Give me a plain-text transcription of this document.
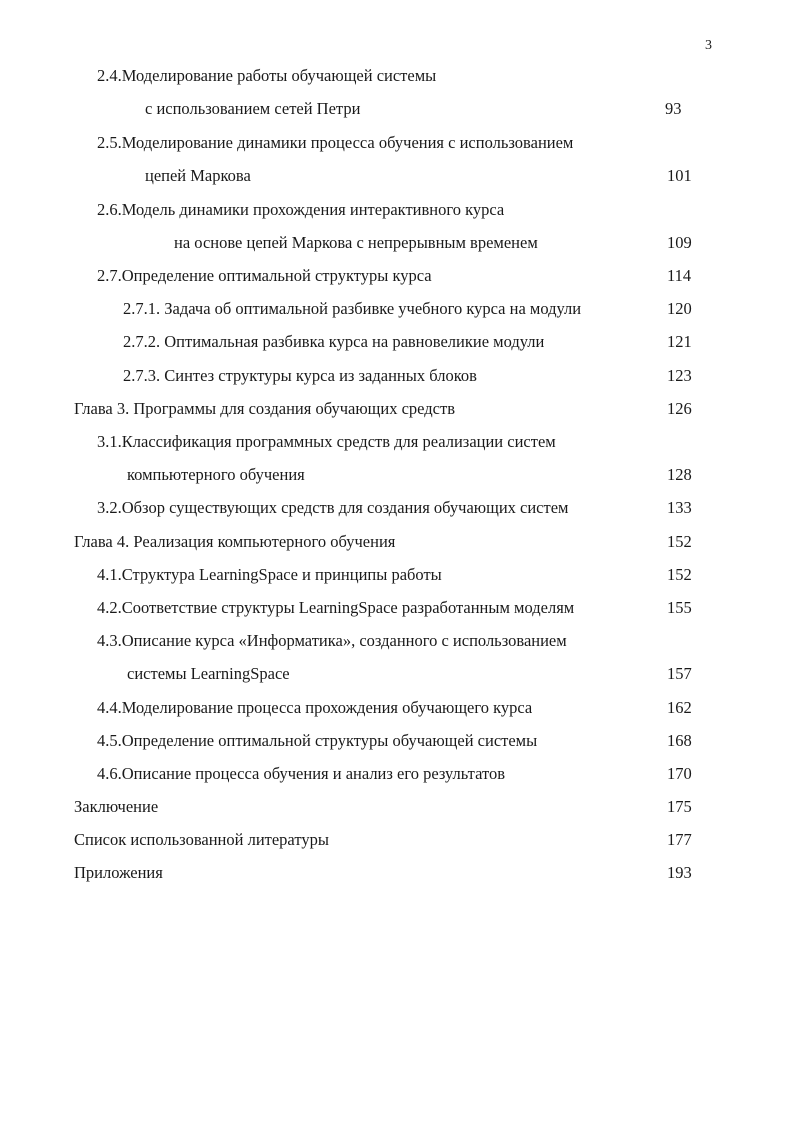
3
2.4.Моделирование работы обучающей системы
с использованием сетей Петри	93
2.5.Моделирование динамики процесса обучения с использованием
цепей Маркова	101
2.6.Модель динамики прохождения интерактивного курса
на основе цепей Маркова с непрерывным временем	109
2.7.Определение оптимальной структуры курса	114
2.7.1. Задача об оптимальной разбивке учебного курса на модули	120
2.7.2. Оптимальная разбивка курса на равновеликие модули	121
2.7.3. Синтез структуры курса из заданных блоков	123
Глава 3. Программы для создания обучающих средств	126
3.1.Классификация программных средств для реализации систем
компьютерного обучения	128
3.2.Обзор существующих средств для создания обучающих систем	133
Глава 4. Реализация компьютерного обучения	152
4.1.Структура LearningSpace и принципы работы	152
4.2.Соответствие структуры LearningSpace разработанным моделям	155
4.3.Описание курса «Информатика», созданного с использованием
системы LearningSpace	157
4.4.Моделирование процесса прохождения обучающего курса	162
4.5.Определение оптимальной структуры обучающей системы	168
4.6.Описание процесса обучения и анализ его результатов	170
Заключение	175
Список использованной литературы	177
Приложения	193
